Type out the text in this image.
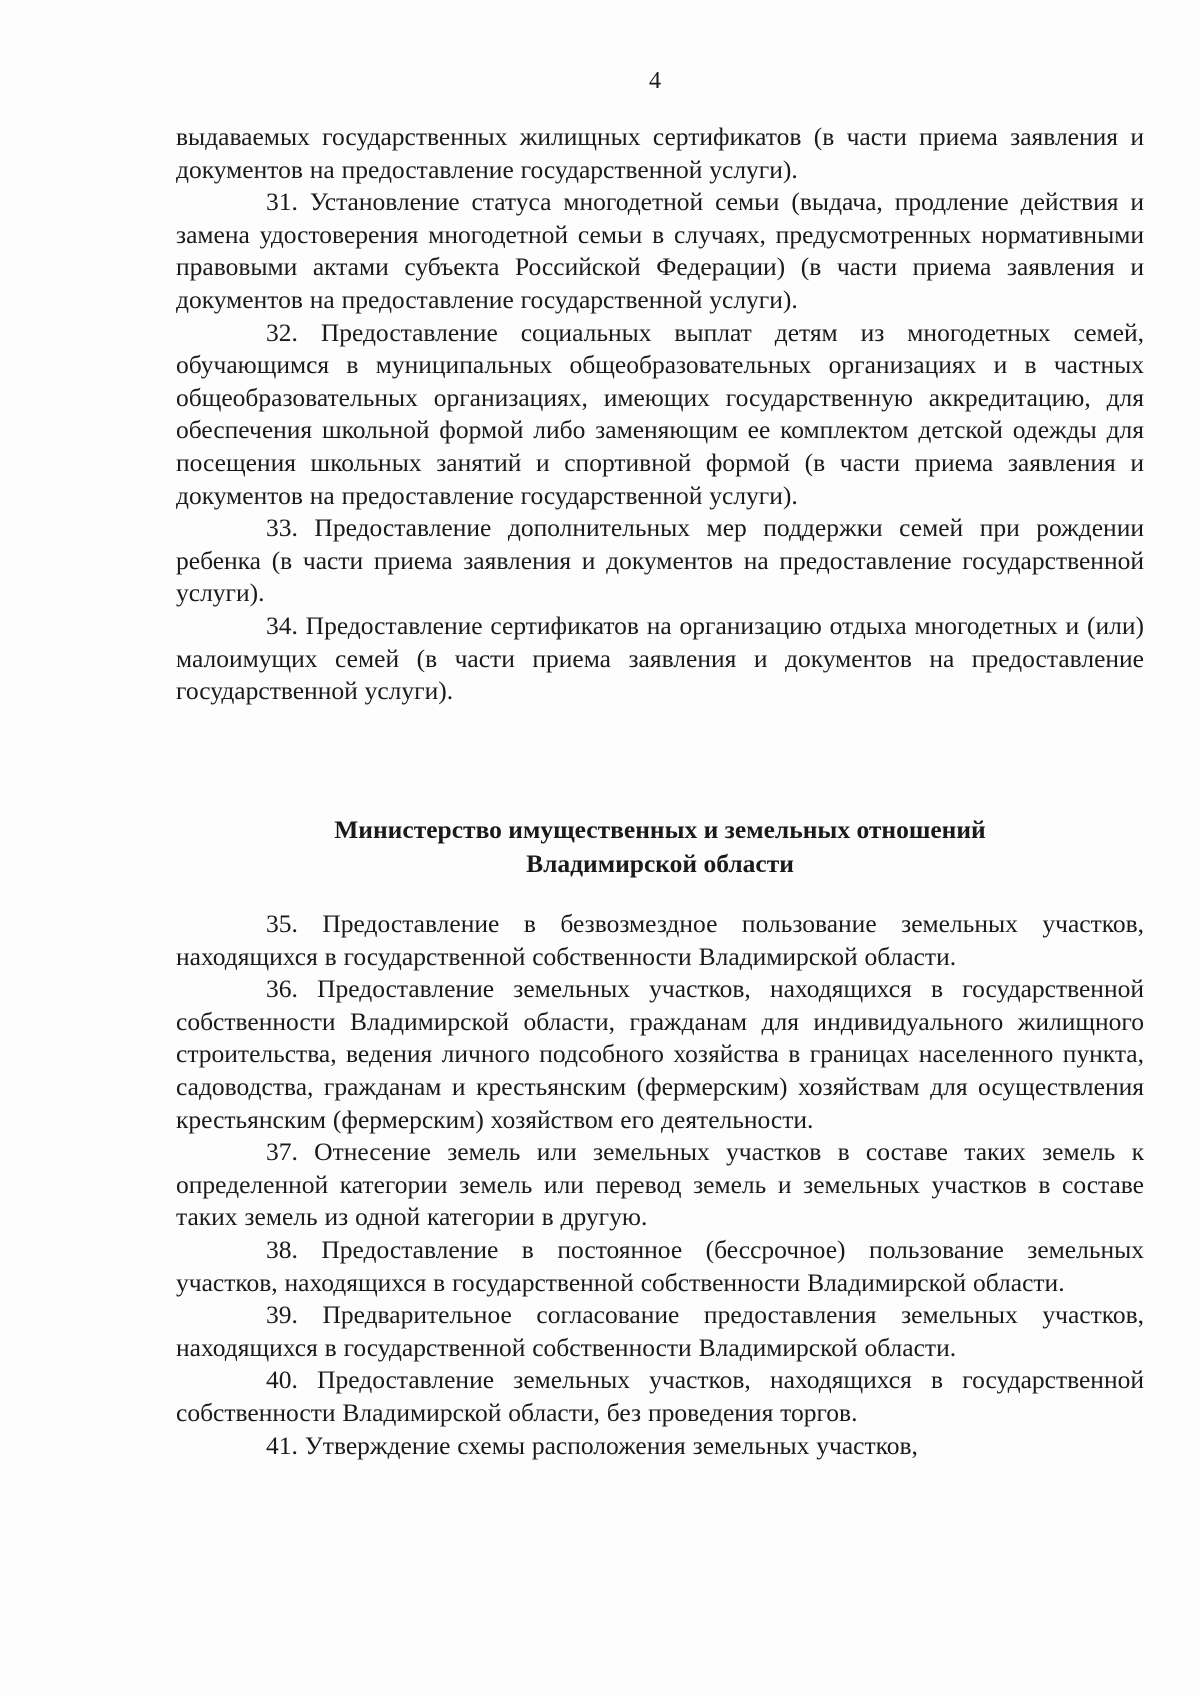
4

выдаваемых государственных жилищных сертификатов (в части приема заявления и документов на предоставление государственной услуги).

31. Установление статуса многодетной семьи (выдача, продление действия и замена удостоверения многодетной семьи в случаях, предусмотренных нормативными правовыми актами субъекта Российской Федерации) (в части приема заявления и документов на предоставление государственной услуги).

32. Предоставление социальных выплат детям из многодетных семей, обучающимся в муниципальных общеобразовательных организациях и в частных общеобразовательных организациях, имеющих государственную аккредитацию, для обеспечения школьной формой либо заменяющим ее комплектом детской одежды для посещения школьных занятий и спортивной формой (в части приема заявления и документов на предоставление государственной услуги).

33. Предоставление дополнительных мер поддержки семей при рождении ребенка (в части приема заявления и документов на предоставление государственной услуги).

34. Предоставление сертификатов на организацию отдыха многодетных и (или) малоимущих семей (в части приема заявления и документов на предоставление государственной услуги).

Министерство имущественных и земельных отношений
Владимирской области

35. Предоставление в безвозмездное пользование земельных участков, находящихся в государственной собственности Владимирской области.

36. Предоставление земельных участков, находящихся в государственной собственности Владимирской области, гражданам для индивидуального жилищного строительства, ведения личного подсобного хозяйства в границах населенного пункта, садоводства, гражданам и крестьянским (фермерским) хозяйствам для осуществления крестьянским (фермерским) хозяйством его деятельности.

37. Отнесение земель или земельных участков в составе таких земель к определенной категории земель или перевод земель и земельных участков в составе таких земель из одной категории в другую.

38. Предоставление в постоянное (бессрочное) пользование земельных участков, находящихся в государственной собственности Владимирской области.

39. Предварительное согласование предоставления земельных участков, находящихся в государственной собственности Владимирской области.

40. Предоставление земельных участков, находящихся в государственной собственности Владимирской области, без проведения торгов.

41. Утверждение схемы расположения земельных участков,
